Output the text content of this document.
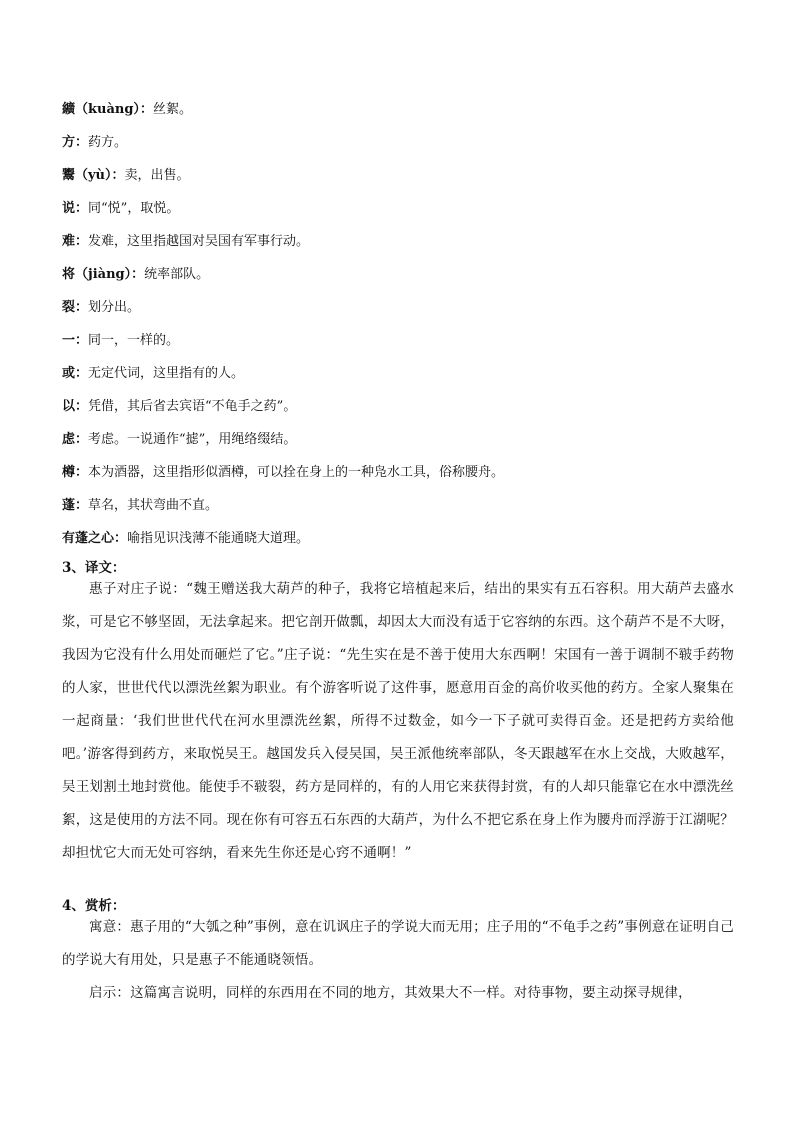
纊（kuàng）：丝絮。
方：药方。
鬻（yù）：卖，出售。
说：同“悦”，取悦。
难：发难，这里指越国对吴国有军事行动。
将（jiàng）：统率部队。
裂：划分出。
一：同一，一样的。
或：无定代词，这里指有的人。
以：凭借，其后省去宾语“不龟手之药”。
虑：考虑。一说通作“摅”，用绳络缀结。
樽：本为酒器，这里指形似酒樽，可以拴在身上的一种凫水工具，俗称腰舟。
蓬：草名，其状弯曲不直。
有蓬之心：喻指见识浅薄不能通晓大道理。
3、译文：

惠子对庄子说：“魏王赠送我大葫芦的种子，我将它培植起来后，结出的果实有五石容积。用大葫芦去盛水浆，可是它不够坚固，无法拿起来。把它剖开做瓢，却因太大而没有适于它容纳的东西。这个葫芦不是不大呀，我因为它没有什么用处而砸烂了它。”庄子说：“先生实在是不善于使用大东西啊！宋国有一善于调制不皲手药物的人家，世世代代以漂洗丝絮为职业。有个游客听说了这件事，愿意用百金的高价收买他的药方。全家人聚集在一起商量：‘我们世世代代在河水里漂洗丝絮，所得不过数金，如今一下子就可卖得百金。还是把药方卖给他吧。’游客得到药方，来取悦吴王。越国发兵入侵吴国，吴王派他统率部队，冬天跟越军在水上交战，大败越军，吴王划割土地封赏他。能使手不皲裂，药方是同样的，有的人用它来获得封赏，有的人却只能靠它在水中漂洗丝絮，这是使用的方法不同。现在你有可容五石东西的大葫芦，为什么不把它系在身上作为腰舟而浮游于江湖呢？却担忧它大而无处可容纳，看来先生你还是心窍不通啊！”

4、赏析：

寓意：惠子用的“大瓠之种”事例，意在讥讽庄子的学说大而无用；庄子用的“不龟手之药”事例意在证明自己的学说大有用处，只是惠子不能通晓领悟。

启示：这篇寓言说明，同样的东西用在不同的地方，其效果大不一样。对待事物，要主动探寻规律，
